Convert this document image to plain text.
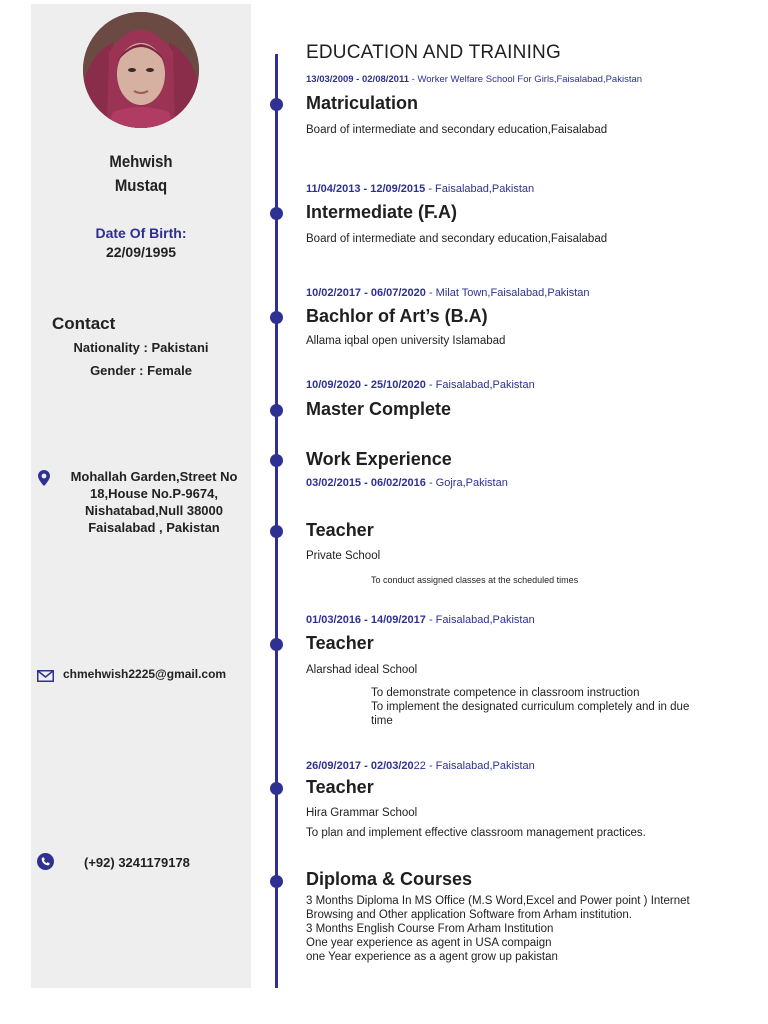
Mehwish
Mustaq
Date Of Birth:
22/09/1995
Contact
Nationality : Pakistani
Gender : Female
Mohallah Garden,Street No
18,House No.P-9674,
Nishatabad,Null 38000
Faisalabad , Pakistan
chmehwish2225@gmail.com
(+92) 3241179178
EDUCATION AND TRAINING
13/03/2009 - 02/08/2011 - Worker Welfare School For Girls,Faisalabad,Pakistan
Matriculation
Board of intermediate and secondary education,Faisalabad
11/04/2013 - 12/09/2015 - Faisalabad,Pakistan
Intermediate (F.A)
Board of intermediate and secondary education,Faisalabad
10/02/2017 - 06/07/2020 - Milat Town,Faisalabad,Pakistan
Bachlor of Art’s (B.A)
Allama iqbal open university Islamabad
10/09/2020 - 25/10/2020 - Faisalabad,Pakistan
Master Complete
Work Experience
03/02/2015 - 06/02/2016 - Gojra,Pakistan
Teacher
Private School
To conduct assigned classes at the scheduled times
01/03/2016 - 14/09/2017 - Faisalabad,Pakistan
Teacher
Alarshad ideal School
To demonstrate competence in classroom instruction
To implement the designated curriculum completely and in due
time
26/09/2017 - 02/03/2022 - Faisalabad,Pakistan
Teacher
Hira Grammar School
To plan and implement effective classroom management practices.
Diploma & Courses
3 Months Diploma In MS Office (M.S Word,Excel and Power point ) Internet
Browsing and Other application Software from Arham institution.
3 Months English Course From Arham Institution
One year experience as agent in USA compaign
one Year experience as a agent grow up pakistan
